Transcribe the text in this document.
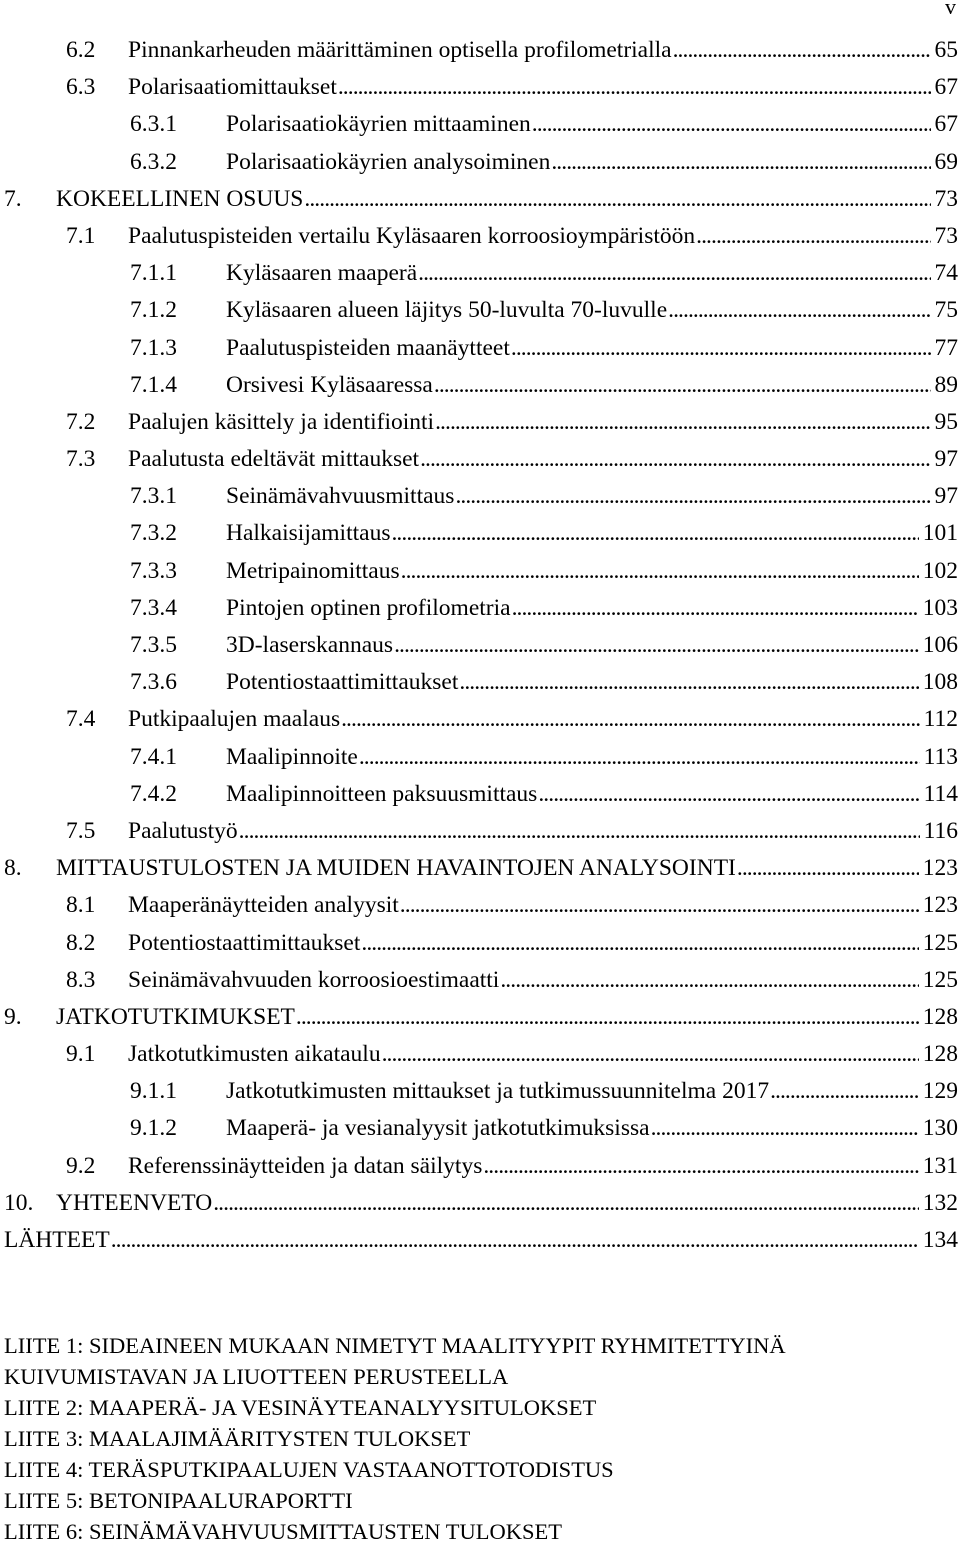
v
6.2 Pinnankarheuden määrittäminen optisella profilometrialla . . .	65
6.3 Polarisaatiomittaukset . . .	67
6.3.1 Polarisaatiokäyrien mittaaminen . . .	67
6.3.2 Polarisaatiokäyrien analysoiminen . . .	69
7. KOKEELLINEN OSUUS . . .	73
7.1 Paalutuspisteiden vertailu Kyläsaaren korroosioympäristöön . . .	73
7.1.1 Kyläsaaren maaperä . . .	74
7.1.2 Kyläsaaren alueen läjitys 50-luvulta 70-luvulle . . .	75
7.1.3 Paalutuspisteiden maanäytteet . . .	77
7.1.4 Orsivesi Kyläsaaressa . . .	89
7.2 Paalujen käsittely ja identifiointi . . .	95
7.3 Paalutusta edeltävät mittaukset . . .	97
7.3.1 Seinämävahvuusmittaus . . .	97
7.3.2 Halkaisijamittaus . . .	101
7.3.3 Metripainomittaus . . .	102
7.3.4 Pintojen optinen profilometria . . .	103
7.3.5 3D-laserskannaus . . .	106
7.3.6 Potentiostaattimittaukset . . .	108
7.4 Putkipaalujen maalaus . . .	112
7.4.1 Maalipinnoite . . .	113
7.4.2 Maalipinnoitteen paksuusmittaus . . .	114
7.5 Paalutustyö . . .	116
8. MITTAUSTULOSTEN JA MUIDEN HAVAINTOJEN ANALYSOINTI . . .	123
8.1 Maaperänäytteiden analyysit . . .	123
8.2 Potentiostaattimittaukset . . .	125
8.3 Seinämävahvuuden korroosioestimaatti . . .	125
9. JATKOTUTKIMUKSET . . .	128
9.1 Jatkotutkimusten aikataulu . . .	128
9.1.1 Jatkotutkimusten mittaukset ja tutkimussuunnitelma 2017 . . .	129
9.1.2 Maaperä- ja vesianalyysit jatkotutkimuksissa . . .	130
9.2 Referenssinäytteiden ja datan säilytys . . .	131
10. YHTEENVETO . . .	132
LÄHTEET . . .	134
LIITE 1: SIDEAINEEN MUKAAN NIMETYT MAALITYYPIT RYHMITETTYINÄ
KUIVUMISTAVAN JA LIUOTTEEN PERUSTEELLA
LIITE 2: MAAPERÄ- JA VESINÄYTEANALYYSITULOKSET
LIITE 3: MAALAJIMÄÄRITYSTEN TULOKSET
LIITE 4: TERÄSPUTKIPAALUJEN VASTAANOTTOTODISTUS
LIITE 5: BETONIPAALURAPORTTI
LIITE 6: SEINÄMÄVAHVUUSMITTAUSTEN TULOKSET
